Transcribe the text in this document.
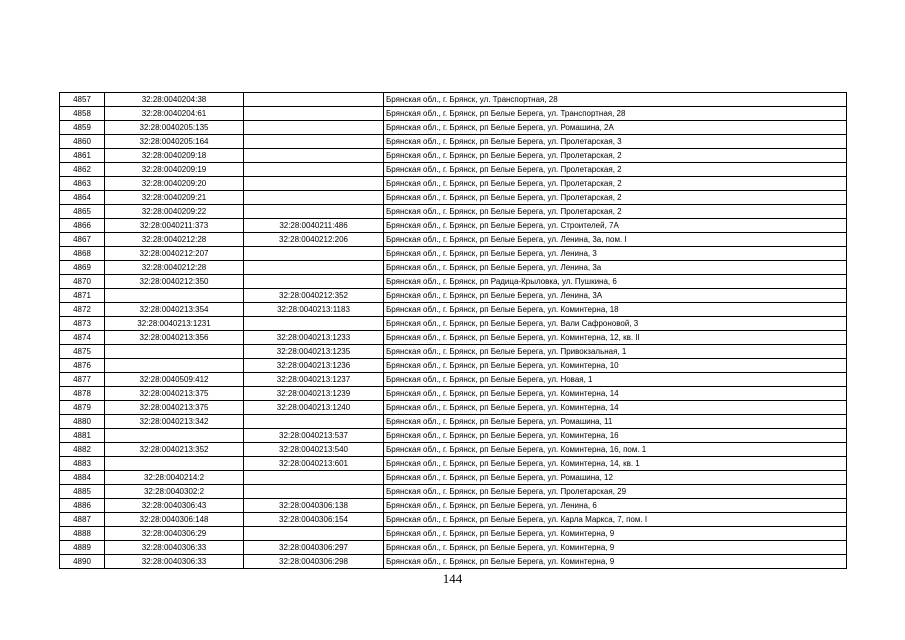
4857	32:28:0040204:38		Брянская обл., г. Брянск, ул. Транспортная, 28
4858	32:28:0040204:61		Брянская обл., г. Брянск, рп Белые Берега, ул. Транспортная, 28
4859	32:28:0040205:135		Брянская обл., г. Брянск, рп Белые Берега, ул. Ромашина, 2А
4860	32:28:0040205:164		Брянская обл., г. Брянск, рп Белые Берега, ул. Пролетарская, 3
4861	32:28:0040209:18		Брянская обл., г. Брянск, рп Белые Берега, ул. Пролетарская, 2
4862	32:28:0040209:19		Брянская обл., г. Брянск, рп Белые Берега, ул. Пролетарская, 2
4863	32:28:0040209:20		Брянская обл., г. Брянск, рп Белые Берега, ул. Пролетарская, 2
4864	32:28:0040209:21		Брянская обл., г. Брянск, рп Белые Берега, ул. Пролетарская, 2
4865	32:28:0040209:22		Брянская обл., г. Брянск, рп Белые Берега, ул. Пролетарская, 2
4866	32:28:0040211:373	32:28:0040211:486	Брянская обл., г. Брянск, рп Белые Берега, ул. Строителей, 7А
4867	32:28:0040212:28	32:28:0040212:206	Брянская обл., г. Брянск, рп Белые Берега, ул. Ленина, 3а, пом. I
4868	32:28:0040212:207		Брянская обл., г. Брянск, рп Белые Берега, ул. Ленина, 3
4869	32:28:0040212:28		Брянская обл., г. Брянск, рп Белые Берега, ул. Ленина, 3а
4870	32:28:0040212:350		Брянская обл., г. Брянск, рп Радица-Крыловка, ул. Пушкина, 6
4871		32:28:0040212:352	Брянская обл., г. Брянск, рп Белые Берега, ул. Ленина, 3А
4872	32:28:0040213:354	32:28:0040213:1183	Брянская обл., г. Брянск, рп Белые Берега, ул. Коминтерна, 18
4873	32:28:0040213:1231		Брянская обл., г. Брянск, рп Белые Берега, ул. Вали Сафроновой, 3
4874	32:28:0040213:356	32:28:0040213:1233	Брянская обл., г. Брянск, рп Белые Берега, ул. Коминтерна, 12, кв. II
4875		32:28:0040213:1235	Брянская обл., г. Брянск, рп Белые Берега, ул. Привокзальная, 1
4876		32:28:0040213:1236	Брянская обл., г. Брянск, рп Белые Берега, ул. Коминтерна, 10
4877	32:28:0040509:412	32:28:0040213:1237	Брянская обл., г. Брянск, рп Белые Берега, ул. Новая, 1
4878	32:28:0040213:375	32:28:0040213:1239	Брянская обл., г. Брянск, рп Белые Берега, ул. Коминтерна, 14
4879	32:28:0040213:375	32:28:0040213:1240	Брянская обл., г. Брянск, рп Белые Берега, ул. Коминтерна, 14
4880	32:28:0040213:342		Брянская обл., г. Брянск, рп Белые Берега, ул. Ромашина, 11
4881		32:28:0040213:537	Брянская обл., г. Брянск, рп Белые Берега, ул. Коминтерна, 16
4882	32:28:0040213:352	32:28:0040213:540	Брянская обл., г. Брянск, рп Белые Берега, ул. Коминтерна, 16, пом. 1
4883		32:28:0040213:601	Брянская обл., г. Брянск, рп Белые Берега, ул. Коминтерна, 14, кв. 1
4884	32:28:0040214:2		Брянская обл., г. Брянск, рп Белые Берега, ул. Ромашина, 12
4885	32:28:0040302:2		Брянская обл., г. Брянск, рп Белые Берега, ул. Пролетарская, 29
4886	32:28:0040306:43	32:28:0040306:138	Брянская обл., г. Брянск, рп Белые Берега, ул. Ленина, 6
4887	32:28:0040306:148	32:28:0040306:154	Брянская обл., г. Брянск, рп Белые Берега, ул. Карла Маркса, 7, пом. I
4888	32:28:0040306:29		Брянская обл., г. Брянск, рп Белые Берега, ул. Коминтерна, 9
4889	32:28:0040306:33	32:28:0040306:297	Брянская обл., г. Брянск, рп Белые Берега, ул. Коминтерна, 9
4890	32:28:0040306:33	32:28:0040306:298	Брянская обл., г. Брянск, рп Белые Берега, ул. Коминтерна, 9
144
